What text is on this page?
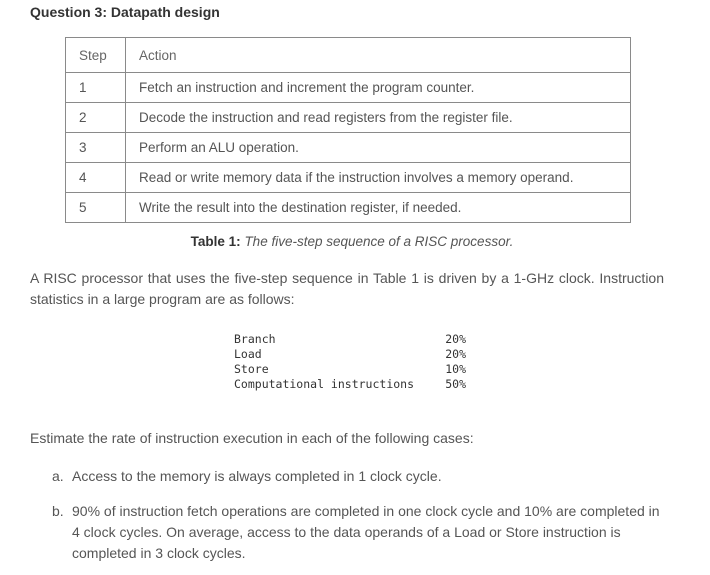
Question 3: Datapath design
Step	Action
1	Fetch an instruction and increment the program counter.
2	Decode the instruction and read registers from the register file.
3	Perform an ALU operation.
4	Read or write memory data if the instruction involves a memory operand.
5	Write the result into the destination register, if needed.
Table 1: The five-step sequence of a RISC processor.

A RISC processor that uses the five-step sequence in Table 1 is driven by a 1-GHz clock. Instruction statistics in a large program are as follows:

Branch	20%
Load	20%
Store	10%
Computational instructions	50%

Estimate the rate of instruction execution in each of the following cases:

a. Access to the memory is always completed in 1 clock cycle.
b. 90% of instruction fetch operations are completed in one clock cycle and 10% are completed in 4 clock cycles. On average, access to the data operands of a Load or Store instruction is completed in 3 clock cycles.
